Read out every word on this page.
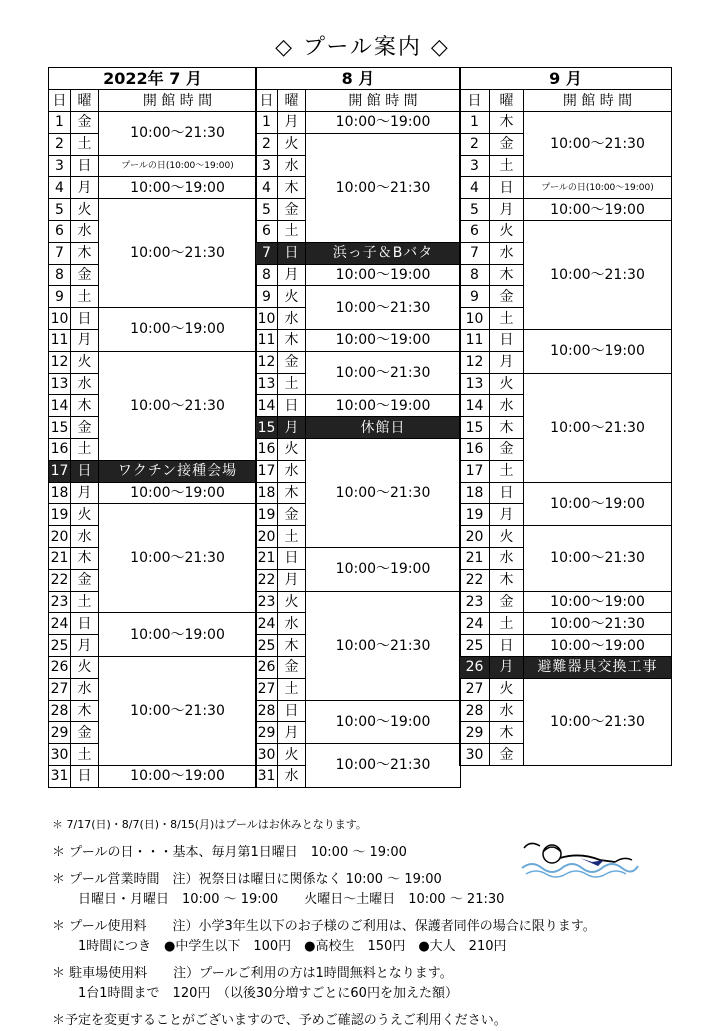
◇ プール案内 ◇
2022年 7 月		
日	曜	開 館 時 間
1	金	10:00〜21:30
2	土	
3	日	プールの日(10:00〜19:00)
4	月	10:00〜19:00
5	火	10:00〜21:30
6	水	
7	木	
8	金	
9	土	
10	日	10:00〜19:00
11	月	
12	火	10:00〜21:30
13	水	
14	木	
15	金	
16	土	
17	日	ワクチン接種会場
18	月	10:00〜19:00
19	火	10:00〜21:30
20	水	
21	木	
22	金	
23	土	
24	日	10:00〜19:00
25	月	
26	火	10:00〜21:30
27	水	
28	木	
29	金	
30	土	
31	日	10:00〜19:00
8 月		
日	曜	開 館 時 間
1	月	10:00〜19:00
2	火	10:00〜21:30
3	水	
4	木	
5	金	
6	土	
7	日	浜っ子＆Bバタ
8	月	10:00〜19:00
9	火	10:00〜21:30
10	水	
11	木	10:00〜19:00
12	金	10:00〜21:30
13	土	
14	日	10:00〜19:00
15	月	休館日
16	火	10:00〜21:30
17	水	
18	木	
19	金	
20	土	
21	日	10:00〜19:00
22	月	
23	火	10:00〜21:30
24	水	
25	木	
26	金	
27	土	
28	日	10:00〜19:00
29	月	
30	火	10:00〜21:30
31	水	
9 月		
日	曜	開 館 時 間
1	木	10:00〜21:30
2	金	
3	土	
4	日	プールの日(10:00〜19:00)
5	月	10:00〜19:00
6	火	10:00〜21:30
7	水	
8	木	
9	金	
10	土	
11	日	10:00〜19:00
12	月	
13	火	10:00〜21:30
14	水	
15	木	
16	金	
17	土	
18	日	10:00〜19:00
19	月	
20	火	10:00〜21:30
21	水	
22	木	
23	金	10:00〜19:00
24	土	10:00〜21:30
25	日	10:00〜19:00
26	月	避難器具交換工事
27	火	10:00〜21:30
28	水	
29	木	
30	金	

＊ 7/17(日)・8/7(日)・8/15(月)はプールはお休みとなります。

＊ プールの日・・・基本、毎月第1日曜日　10:00 〜 19:00

＊ プール営業時間　注）祝祭日は曜日に関係なく 10:00 〜 19:00

　　日曜日・月曜日　10:00 〜 19:00　　火曜日〜土曜日　10:00 〜 21:30

＊ プール使用料　　注）小学3年生以下のお子様のご利用は、保護者同伴の場合に限ります。

　　1時間につき　●中学生以下　100円　●高校生　150円　●大人　210円

＊ 駐車場使用料　　注）プールご利用の方は1時間無料となります。

　　1台1時間まで　120円　（以後30分増すごとに60円を加えた額）

＊予定を変更することがございますので、予めご確認のうえご利用ください。
